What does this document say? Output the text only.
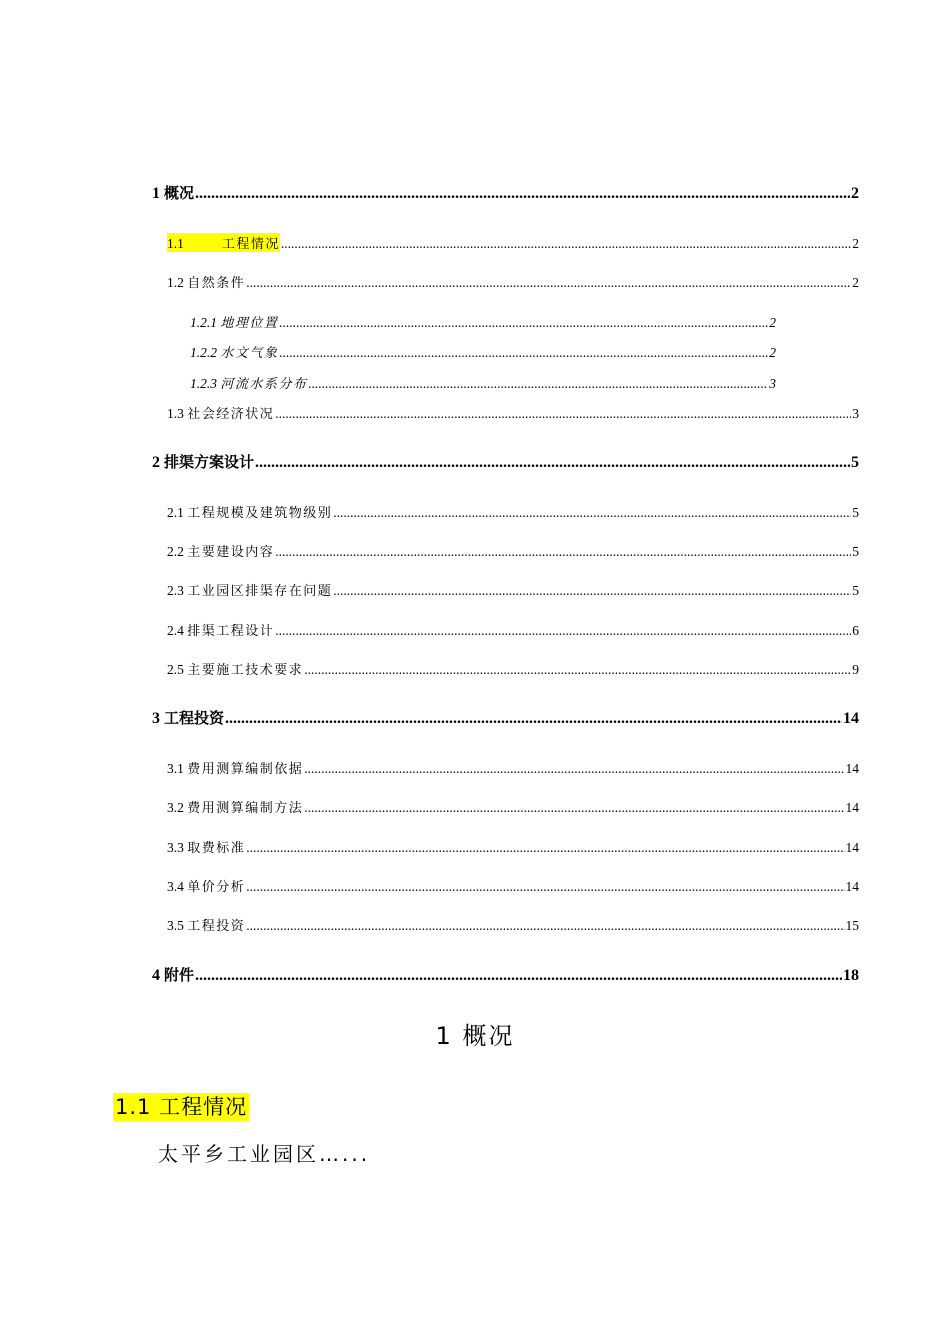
1 概况 .....	2
1.1	工程情况 .....	2
1.2 自然条件 .....	2
1.2.1 地理位置 .....	2
1.2.2 水文气象 .....	2
1.2.3 河流水系分布 .....	3
1.3 社会经济状况 .....	3
2 排渠方案设计 .....	5
2.1 工程规模及建筑物级别 .....	5
2.2 主要建设内容 .....	5
2.3 工业园区排渠存在问题 .....	5
2.4 排渠工程设计 .....	6
2.5 主要施工技术要求 .....	9
3 工程投资 .....	14
3.1 费用测算编制依据 .....	14
3.2 费用测算编制方法 .....	14
3.3 取费标准 .....	14
3.4 单价分析 .....	14
3.5 工程投资 .....	15
4 附件 .....	18
1 概况
1.1 工程情况
太平乡工业园区…...
